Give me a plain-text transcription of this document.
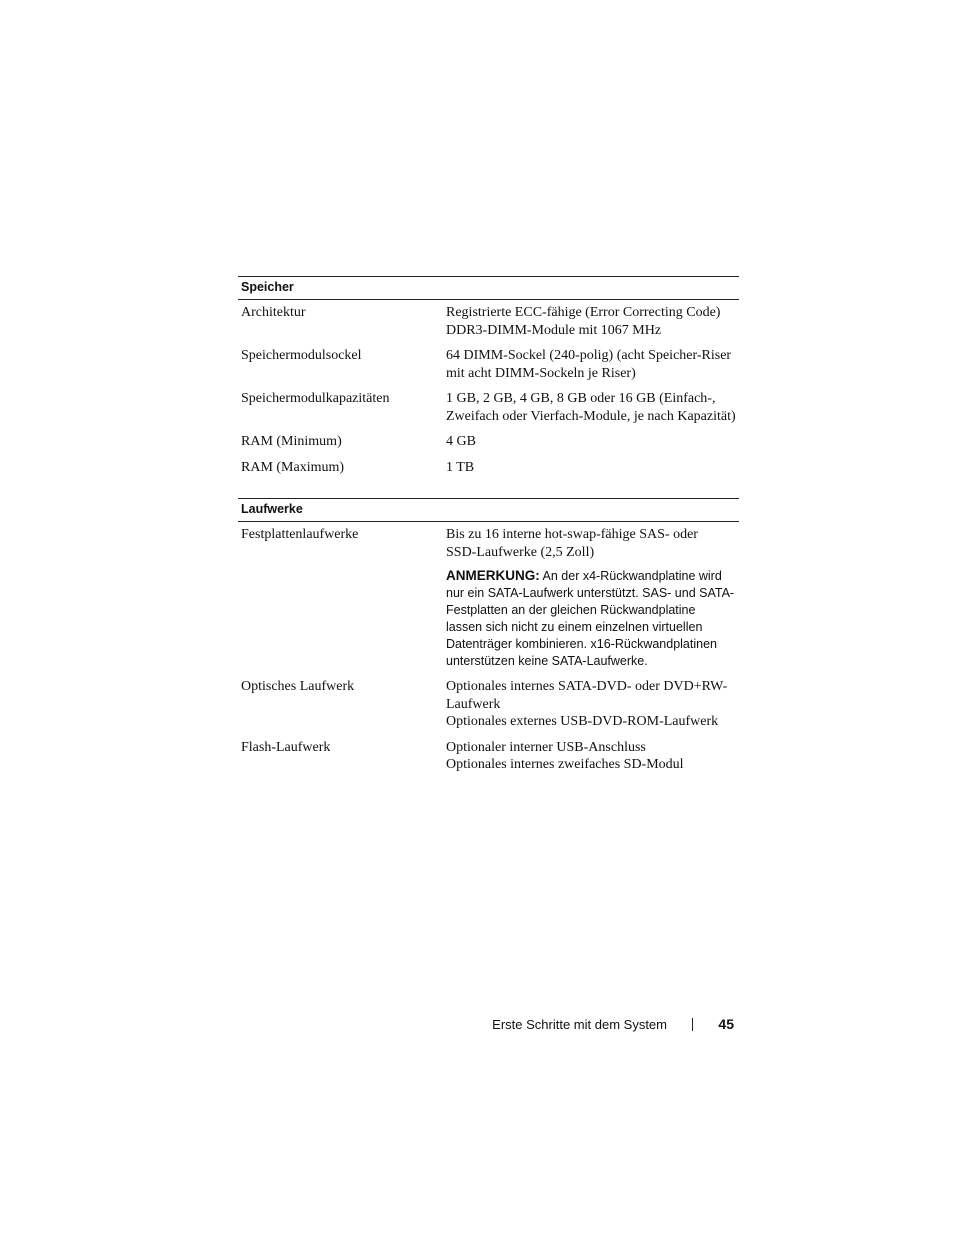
Speicher
Architektur	Registrierte ECC-fähige (Error Correcting Code)
DDR3-DIMM-Module mit 1067 MHz
Speichermodulsockel	64 DIMM-Sockel (240-polig) (acht Speicher-Riser
mit acht DIMM-Sockeln je Riser)
Speichermodulkapazitäten	1 GB, 2 GB, 4 GB, 8 GB oder 16 GB (Einfach-,
Zweifach oder Vierfach-Module, je nach Kapazität)
RAM (Minimum)	4 GB
RAM (Maximum)	1 TB
Laufwerke
Festplattenlaufwerke	Bis zu 16 interne hot-swap-fähige SAS- oder
SSD-Laufwerke (2,5 Zoll)
ANMERKUNG: An der x4-Rückwandplatine wird
nur ein SATA-Laufwerk unterstützt. SAS- und SATA-
Festplatten an der gleichen Rückwandplatine
lassen sich nicht zu einem einzelnen virtuellen
Datenträger kombinieren. x16-Rückwandplatinen
unterstützen keine SATA-Laufwerke.
Optisches Laufwerk	Optionales internes SATA-DVD- oder DVD+RW-
Laufwerk
Optionales externes USB-DVD-ROM-Laufwerk
Flash-Laufwerk	Optionaler interner USB-Anschluss
Optionales internes zweifaches SD-Modul
Erste Schritte mit dem System	45
